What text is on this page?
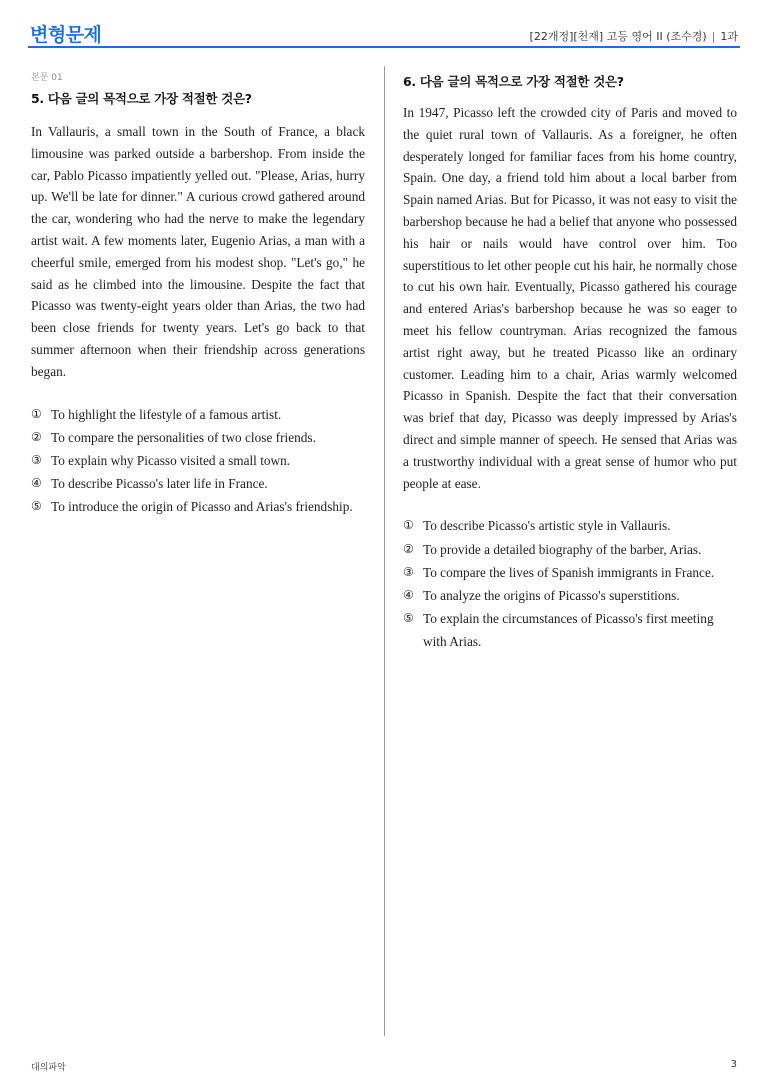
변형문제	[22개정][천재] 고등 영어 II (조수경) | 1과
본문 01
5. 다음 글의 목적으로 가장 적절한 것은?

In Vallauris, a small town in the South of France, a black limousine was parked outside a barbershop. From inside the car, Pablo Picasso impatiently yelled out. "Please, Arias, hurry up. We'll be late for dinner." A curious crowd gathered around the car, wondering who had the nerve to make the legendary artist wait. A few moments later, Eugenio Arias, a man with a cheerful smile, emerged from his modest shop. "Let's go," he said as he climbed into the limousine. Despite the fact that Picasso was twenty-eight years older than Arias, the two had been close friends for twenty years. Let's go back to that summer afternoon when their friendship across generations began.

① To highlight the lifestyle of a famous artist.
② To compare the personalities of two close friends.
③ To explain why Picasso visited a small town.
④ To describe Picasso's later life in France.
⑤ To introduce the origin of Picasso and Arias's friendship.
6. 다음 글의 목적으로 가장 적절한 것은?

In 1947, Picasso left the crowded city of Paris and moved to the quiet rural town of Vallauris. As a foreigner, he often desperately longed for familiar faces from his home country, Spain. One day, a friend told him about a local barber from Spain named Arias. But for Picasso, it was not easy to visit the barbershop because he had a belief that anyone who possessed his hair or nails would have control over him. Too superstitious to let other people cut his hair, he normally chose to cut his own hair. Eventually, Picasso gathered his courage and entered Arias's barbershop because he was so eager to meet his fellow countryman. Arias recognized the famous artist right away, but he treated Picasso like an ordinary customer. Leading him to a chair, Arias warmly welcomed Picasso in Spanish. Despite the fact that their conversation was brief that day, Picasso was deeply impressed by Arias's direct and simple manner of speech. He sensed that Arias was a trustworthy individual with a great sense of humor who put people at ease.

① To describe Picasso's artistic style in Vallauris.
② To provide a detailed biography of the barber, Arias.
③ To compare the lives of Spanish immigrants in France.
④ To analyze the origins of Picasso's superstitions.
⑤ To explain the circumstances of Picasso's first meeting with Arias.
대의파악	3
